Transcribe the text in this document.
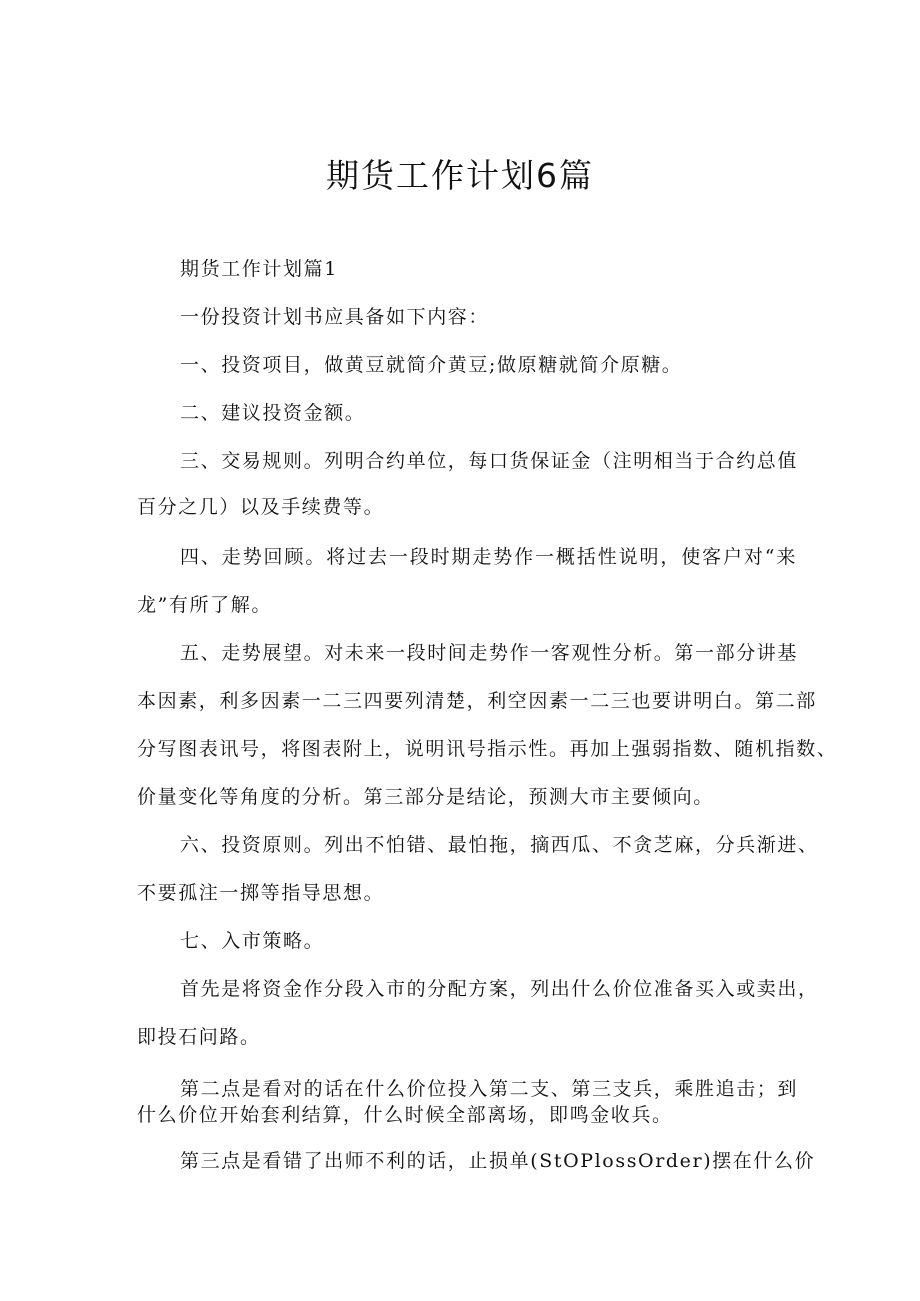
期货工作计划6篇
期货工作计划篇1
一份投资计划书应具备如下内容：
一、投资项目，做黄豆就简介黄豆;做原糖就简介原糖。
二、建议投资金额。
三、交易规则。列明合约单位，每口货保证金（注明相当于合约总值
百分之几）以及手续费等。
四、走势回顾。将过去一段时期走势作一概括性说明，使客户对“来
龙”有所了解。
五、走势展望。对未来一段时间走势作一客观性分析。第一部分讲基
本因素，利多因素一二三四要列清楚，利空因素一二三也要讲明白。第二部
分写图表讯号，将图表附上，说明讯号指示性。再加上强弱指数、随机指数、
价量变化等角度的分析。第三部分是结论，预测大市主要倾向。
六、投资原则。列出不怕错、最怕拖，摘西瓜、不贪芝麻，分兵渐进、
不要孤注一掷等指导思想。
七、入市策略。
首先是将资金作分段入市的分配方案，列出什么价位准备买入或卖出，
即投石问路。
第二点是看对的话在什么价位投入第二支、第三支兵，乘胜追击；到
什么价位开始套利结算，什么时候全部离场，即鸣金收兵。
第三点是看错了出师不利的话，止损单(StOPlossOrder)摆在什么价
